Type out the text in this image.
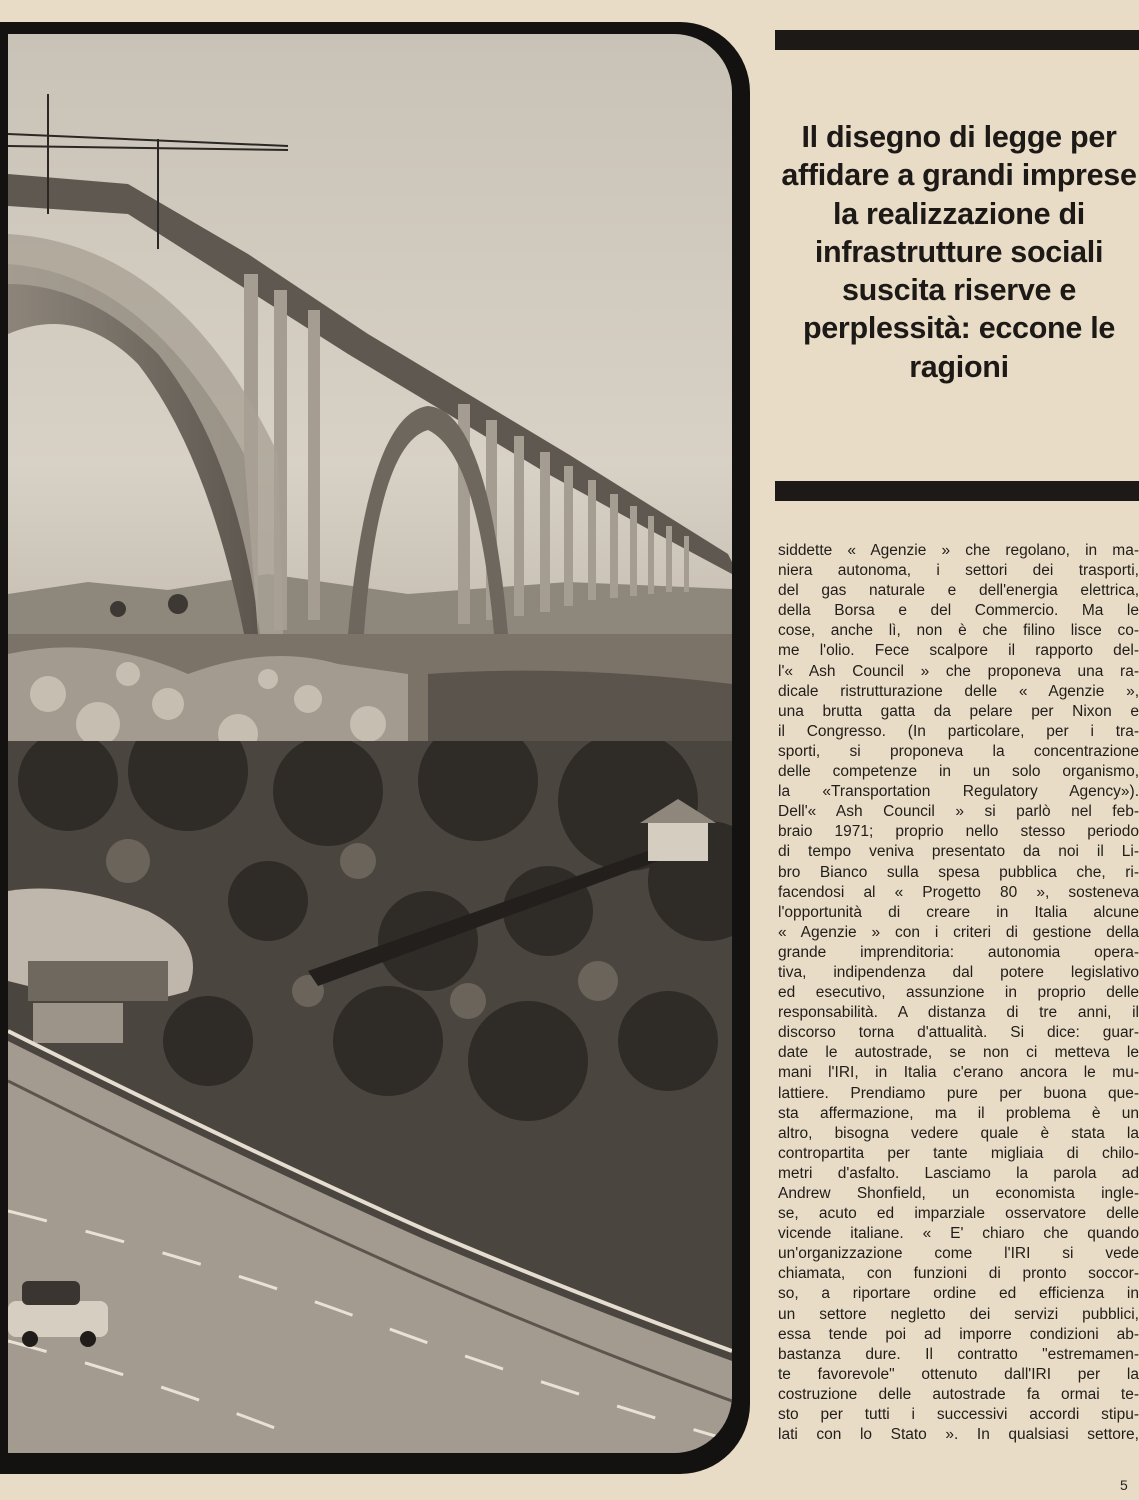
Il disegno di legge per affidare a grandi imprese la realizzazione di infrastrutture sociali suscita riserve e perplessità: eccone le ragioni
siddette « Agenzie » che regolano, in ma-
niera autonoma, i settori dei trasporti,
del gas naturale e dell'energia elettrica,
della Borsa e del Commercio. Ma le
cose, anche lì, non è che filino lisce co-
me l'olio. Fece scalpore il rapporto del-
l'« Ash Council » che proponeva una ra-
dicale ristrutturazione delle « Agenzie »,
una brutta gatta da pelare per Nixon e
il Congresso. (In particolare, per i tra-
sporti, si proponeva la concentrazione
delle competenze in un solo organismo,
la «Transportation Regulatory Agency»).
Dell'« Ash Council » si parlò nel feb-
braio 1971; proprio nello stesso periodo
di tempo veniva presentato da noi il Li-
bro Bianco sulla spesa pubblica che, ri-
facendosi al « Progetto 80 », sosteneva
l'opportunità di creare in Italia alcune
« Agenzie » con i criteri di gestione della
grande imprenditoria: autonomia opera-
tiva, indipendenza dal potere legislativo
ed esecutivo, assunzione in proprio delle
responsabilità. A distanza di tre anni, il
discorso torna d'attualità. Si dice: guar-
date le autostrade, se non ci metteva le
mani l'IRI, in Italia c'erano ancora le mu-
lattiere. Prendiamo pure per buona que-
sta affermazione, ma il problema è un
altro, bisogna vedere quale è stata la
contropartita per tante migliaia di chilo-
metri d'asfalto. Lasciamo la parola ad
Andrew Shonfield, un economista ingle-
se, acuto ed imparziale osservatore delle
vicende italiane. « E' chiaro che quando
un'organizzazione come l'IRI si vede
chiamata, con funzioni di pronto soccor-
so, a riportare ordine ed efficienza in
un settore negletto dei servizi pubblici,
essa tende poi ad imporre condizioni ab-
bastanza dure. Il contratto "estremamen-
te favorevole" ottenuto dall'IRI per la
costruzione delle autostrade fa ormai te-
sto per tutti i successivi accordi stipu-
lati con lo Stato ». In qualsiasi settore,
5
